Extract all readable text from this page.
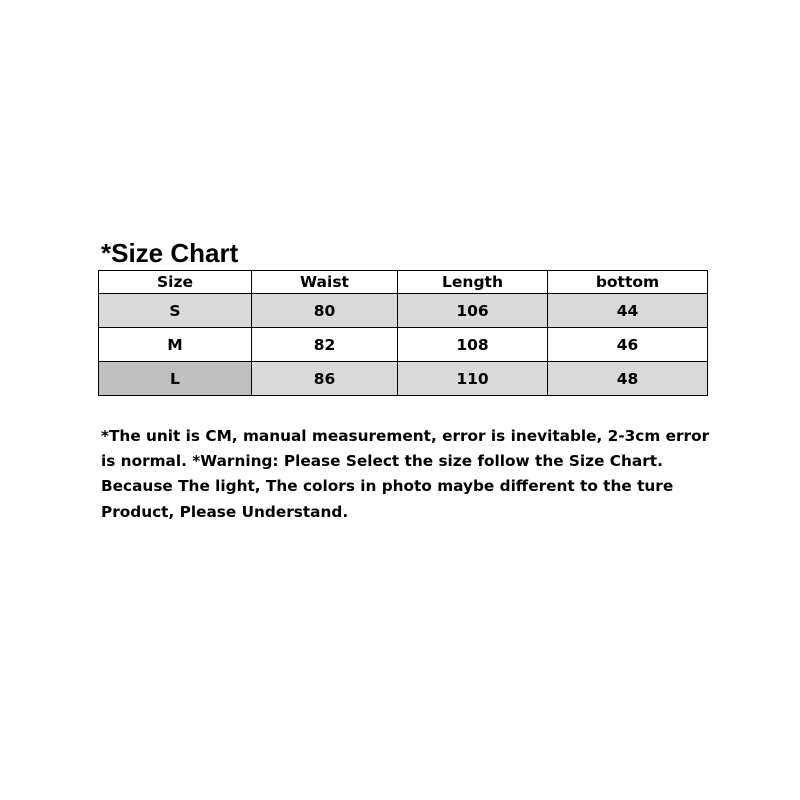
*Size Chart
Size	Waist	Length	bottom
S	80	106	44
M	82	108	46
L	86	110	48

*The unit is CM, manual measurement, error is inevitable, 2-3cm error
is normal. *Warning: Please Select the size follow the Size Chart.
Because The light, The colors in photo maybe different to the ture
Product, Please Understand.
